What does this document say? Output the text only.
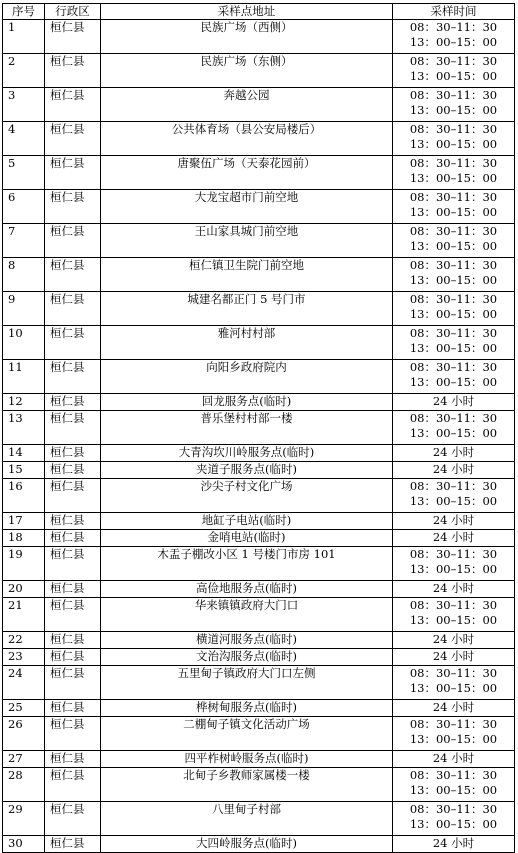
序号	行政区	采样点地址	采样时间
1	桓仁县	民族广场（西侧）	08：30–11：30
13：00–15：00

2	桓仁县	民族广场（东侧）	08：30–11：30
13：00–15：00

3	桓仁县	奔越公园	08：30–11：30
13：00–15：00

4	桓仁县	公共体育场（县公安局楼后）	08：30–11：30
13：00–15：00

5	桓仁县	唐聚伍广场（天泰花园前）	08：30–11：30
13：00–15：00

6	桓仁县	大龙宝超市门前空地	08：30–11：30
13：00–15：00

7	桓仁县	王山家具城门前空地	08：30–11：30
13：00–15：00

8	桓仁县	桓仁镇卫生院门前空地	08：30–11：30
13：00–15：00

9	桓仁县	城建名都正门 5 号门市	08：30–11：30
13：00–15：00

10	桓仁县	雅河村村部	08：30–11：30
13：00–15：00

11	桓仁县	向阳乡政府院内	08：30–11：30
13：00–15：00

12	桓仁县	回龙服务点(临时)	24 小时

13	桓仁县	普乐堡村村部一楼	08：30–11：30
13：00–15：00

14	桓仁县	大青沟坎川岭服务点(临时)	24 小时

15	桓仁县	夹道子服务点(临时)	24 小时

16	桓仁县	沙尖子村文化广场	08：30–11：30
13：00–15：00

17	桓仁县	地缸子电站(临时)	24 小时

18	桓仁县	金哨电站(临时)	24 小时

19	桓仁县	木盂子棚改小区 1 号楼门市房 101	08：30–11：30
13：00–15：00

20	桓仁县	高俭地服务点(临时)	24 小时

21	桓仁县	华来镇镇政府大门口	08：30–11：30
13：00–15：00

22	桓仁县	横道河服务点(临时)	24 小时

23	桓仁县	文治沟服务点(临时)	24 小时

24	桓仁县	五里甸子镇政府大门口左侧	08：30–11：30
13：00–15：00

25	桓仁县	桦树甸服务点(临时)	24 小时

26	桓仁县	二棚甸子镇文化活动广场	08：30–11：30
13：00–15：00

27	桓仁县	四平柞树岭服务点(临时)	24 小时

28	桓仁县	北甸子乡教师家属楼一楼	08：30–11：30
13：00–15：00

29	桓仁县	八里甸子村部	08：30–11：30
13：00–15：00

30	桓仁县	大四岭服务点(临时)	24 小时
